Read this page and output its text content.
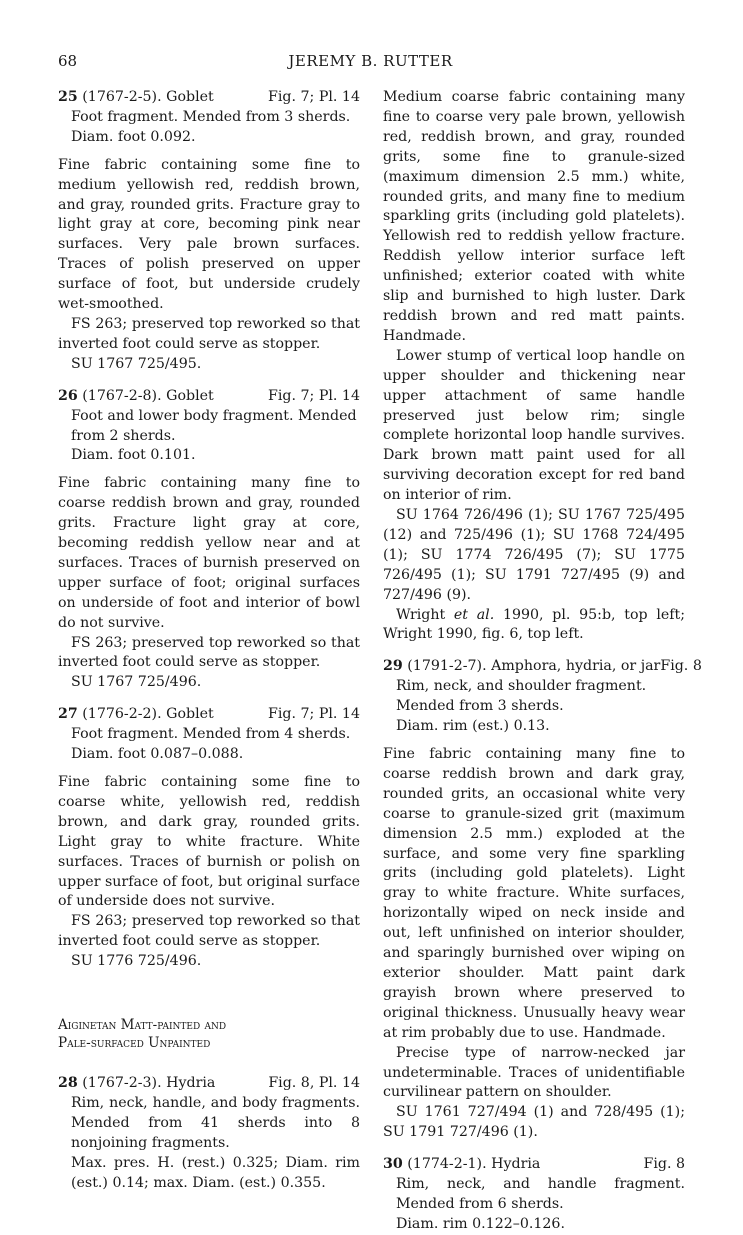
68	JEREMY B. RUTTER
25 (1767-2-5). Goblet	Fig. 7; Pl. 14
Foot fragment. Mended from 3 sherds.
Diam. foot 0.092.

Fine fabric containing some fine to medium yellowish red, reddish brown, and gray, rounded grits. Fracture gray to light gray at core, becoming pink near surfaces. Very pale brown surfaces. Traces of polish preserved on upper surface of foot, but underside crudely wet-smoothed.

FS 263; preserved top reworked so that inverted foot could serve as stopper.

SU 1767 725/495.
26 (1767-2-8). Goblet	Fig. 7; Pl. 14
Foot and lower body fragment. Mended from 2 sherds.
Diam. foot 0.101.

Fine fabric containing many fine to coarse reddish brown and gray, rounded grits. Fracture light gray at core, becoming reddish yellow near and at surfaces. Traces of burnish preserved on upper surface of foot; original surfaces on underside of foot and interior of bowl do not survive.

FS 263; preserved top reworked so that inverted foot could serve as stopper.

SU 1767 725/496.
27 (1776-2-2). Goblet	Fig. 7; Pl. 14
Foot fragment. Mended from 4 sherds.
Diam. foot 0.087–0.088.

Fine fabric containing some fine to coarse white, yellowish red, reddish brown, and dark gray, rounded grits. Light gray to white fracture. White surfaces. Traces of burnish or polish on upper surface of foot, but original surface of underside does not survive.

FS 263; preserved top reworked so that inverted foot could serve as stopper.

SU 1776 725/496.
Aiginetan Matt-painted and
Pale-surfaced Unpainted
28 (1767-2-3). Hydria	Fig. 8, Pl. 14
Rim, neck, handle, and body fragments. Mended from 41 sherds into 8 nonjoining fragments.
Max. pres. H. (rest.) 0.325; Diam. rim (est.) 0.14; max. Diam. (est.) 0.355.

Medium coarse fabric containing many fine to coarse very pale brown, yellowish red, reddish brown, and gray, rounded grits, some fine to granule-sized (maximum dimension 2.5 mm.) white, rounded grits, and many fine to medium sparkling grits (including gold platelets). Yellowish red to reddish yellow fracture. Reddish yellow interior surface left unfinished; exterior coated with white slip and burnished to high luster. Dark reddish brown and red matt paints. Handmade.

Lower stump of vertical loop handle on upper shoulder and thickening near upper attachment of same handle preserved just below rim; single complete horizontal loop handle survives. Dark brown matt paint used for all surviving decoration except for red band on interior of rim.

SU 1764 726/496 (1); SU 1767 725/495 (12) and 725/496 (1); SU 1768 724/495 (1); SU 1774 726/495 (7); SU 1775 726/495 (1); SU 1791 727/495 (9) and 727/496 (9).

Wright et al. 1990, pl. 95:b, top left; Wright 1990, fig. 6, top left.

29 (1791-2-7). Amphora, hydria, or jar Fig. 8
Rim, neck, and shoulder fragment. Mended from 3 sherds.
Diam. rim (est.) 0.13.

Fine fabric containing many fine to coarse reddish brown and dark gray, rounded grits, an occasional white very coarse to granule-sized grit (maximum dimension 2.5 mm.) exploded at the surface, and some very fine sparkling grits (including gold platelets). Light gray to white fracture. White surfaces, horizontally wiped on neck inside and out, left unfinished on interior shoulder, and sparingly burnished over wiping on exterior shoulder. Matt paint dark grayish brown where preserved to original thickness. Unusually heavy wear at rim probably due to use. Handmade.

Precise type of narrow-necked jar undeterminable. Traces of unidentifiable curvilinear pattern on shoulder.

SU 1761 727/494 (1) and 728/495 (1); SU 1791 727/496 (1).

30 (1774-2-1). Hydria	Fig. 8
Rim, neck, and handle fragment. Mended from 6 sherds.
Diam. rim 0.122–0.126.
